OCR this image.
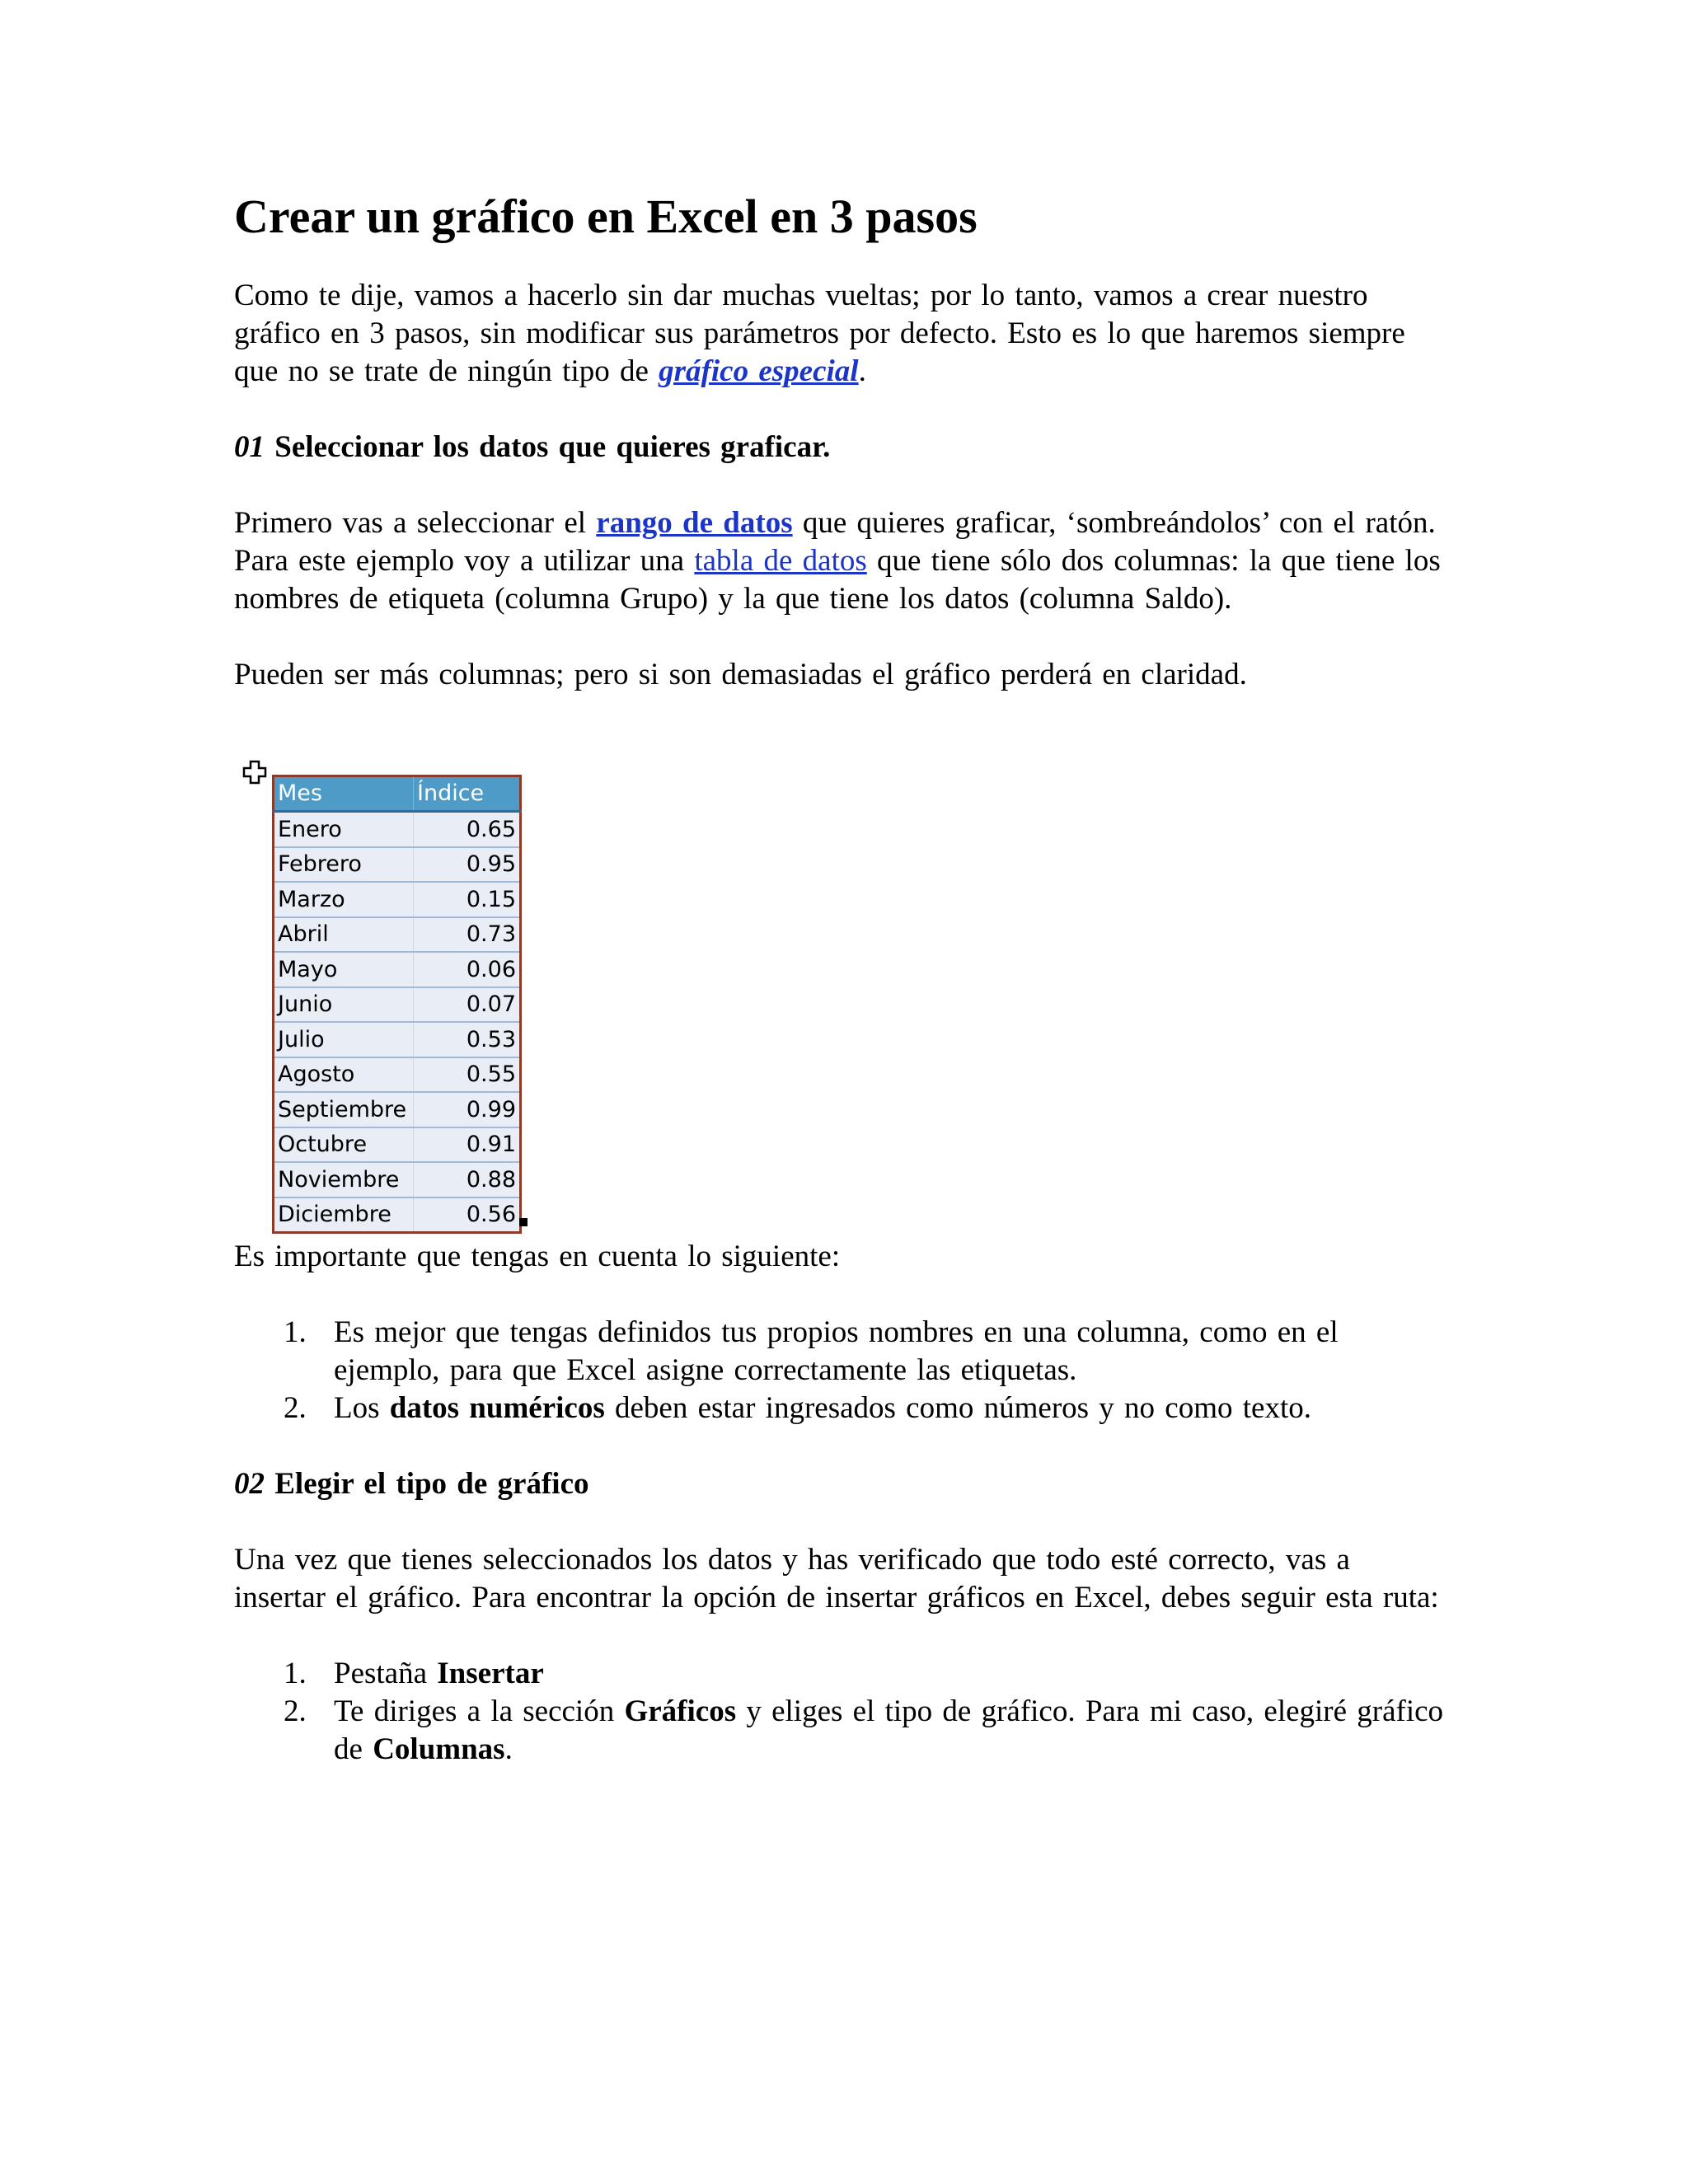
Crear un gráfico en Excel en 3 pasos

Como te dije, vamos a hacerlo sin dar muchas vueltas; por lo tanto, vamos a crear nuestro gráfico en 3 pasos, sin modificar sus parámetros por defecto. Esto es lo que haremos siempre que no se trate de ningún tipo de gráfico especial.

01 Seleccionar los datos que quieres graficar.

Primero vas a seleccionar el rango de datos que quieres graficar, ‘sombreándolos’ con el ratón. Para este ejemplo voy a utilizar una tabla de datos que tiene sólo dos columnas: la que tiene los nombres de etiqueta (columna Grupo) y la que tiene los datos (columna Saldo).

Pueden ser más columnas; pero si son demasiadas el gráfico perderá en claridad.

Mes	Índice
Enero	0.65
Febrero	0.95
Marzo	0.15
Abril	0.73
Mayo	0.06
Junio	0.07
Julio	0.53
Agosto	0.55
Septiembre	0.99
Octubre	0.91
Noviembre	0.88
Diciembre	0.56

Es importante que tengas en cuenta lo siguiente:

1. Es mejor que tengas definidos tus propios nombres en una columna, como en el ejemplo, para que Excel asigne correctamente las etiquetas.
2. Los datos numéricos deben estar ingresados como números y no como texto.

02 Elegir el tipo de gráfico

Una vez que tienes seleccionados los datos y has verificado que todo esté correcto, vas a insertar el gráfico. Para encontrar la opción de insertar gráficos en Excel, debes seguir esta ruta:

1. Pestaña Insertar
2. Te diriges a la sección Gráficos y eliges el tipo de gráfico. Para mi caso, elegiré gráfico de Columnas.
